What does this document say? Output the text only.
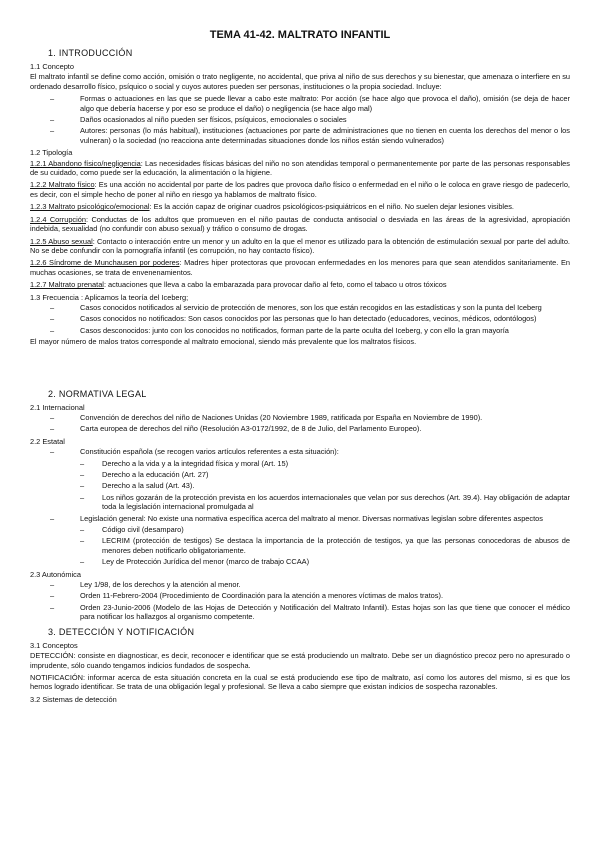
TEMA 41-42. MALTRATO INFANTIL
1. INTRODUCCIÓN
1.1 Concepto
El maltrato infantil se define como acción, omisión o trato negligente, no accidental, que priva al niño de sus derechos y su bienestar, que amenaza o interfiere en su ordenado desarrollo físico, psíquico o social y cuyos autores pueden ser personas, instituciones o la propia sociedad. Incluye:
– Formas o actuaciones en las que se puede llevar a cabo este maltrato: Por acción (se hace algo que provoca el daño), omisión (se deja de hacer algo que debería hacerse y por eso se produce el daño) o negligencia (se hace algo mal)
– Daños ocasionados al niño pueden ser físicos, psíquicos, emocionales o sociales
– Autores: personas (lo más habitual), instituciones (actuaciones por parte de administraciones que no tienen en cuenta los derechos del menor o los vulneran) o la sociedad (no reacciona ante determinadas situaciones donde los niños están siendo vulnerados)
1.2 Tipología
1.2.1 Abandono físico/negligencia: Las necesidades físicas básicas del niño no son atendidas temporal o permanentemente por parte de las personas responsables de su cuidado, como puede ser la educación, la alimentación o la higiene.
1.2.2 Maltrato físico: Es una acción no accidental por parte de los padres que provoca daño físico o enfermedad en el niño o le coloca en grave riesgo de padecerlo, es decir, con el simple hecho de poner al niño en riesgo ya hablamos de maltrato físico.
1.2.3 Maltrato psicológico/emocional: Es la acción capaz de originar cuadros psicológicos-psiquiátricos en el niño. No suelen dejar lesiones visibles.
1.2.4 Corrupción: Conductas de los adultos que promueven en el niño pautas de conducta antisocial o desviada en las áreas de la agresividad, apropiación indebida, sexualidad (no confundir con abuso sexual) y tráfico o consumo de drogas.
1.2.5 Abuso sexual: Contacto o interacción entre un menor y un adulto en la que el menor es utilizado para la obtención de estimulación sexual por parte del adulto. No se debe confundir con la pornografía infantil (es corrupción, no hay contacto físico).
1.2.6 Síndrome de Munchausen por poderes: Madres hiper protectoras que provocan enfermedades en los menores para que sean atendidos sanitariamente. En muchas ocasiones, se trata de envenenamientos.
1.2.7 Maltrato prenatal: actuaciones que lleva a cabo la embarazada para provocar daño al feto, como el tabaco u otros tóxicos
1.3 Frecuencia : Aplicamos la teoría del Iceberg;
– Casos conocidos notificados al servicio de protección de menores, son los que están recogidos en las estadísticas y son la punta del Iceberg
– Casos conocidos no notificados: Son casos conocidos por las personas que lo han detectado (educadores, vecinos, médicos, odontólogos)
– Casos desconocidos: junto con los conocidos no notificados, forman parte de la parte oculta del Iceberg, y con ello la gran mayoría
El mayor número de malos tratos corresponde al maltrato emocional, siendo más prevalente que los maltratos físicos.
2. NORMATIVA LEGAL
2.1 Internacional
– Convención de derechos del niño de Naciones Unidas (20 Noviembre 1989, ratificada por España en Noviembre de 1990).
– Carta europea de derechos del niño (Resolución A3-0172/1992, de 8 de Julio, del Parlamento Europeo).
2.2 Estatal
– Constitución española (se recogen varios artículos referentes a esta situación):
– Derecho a la vida y a la integridad física y moral (Art. 15)
– Derecho a la educación (Art. 27)
– Derecho a la salud (Art. 43).
– Los niños gozarán de la protección prevista en los acuerdos internacionales que velan por sus derechos (Art. 39.4). Hay obligación de adaptar toda la legislación internacional promulgada al
– Legislación general: No existe una normativa específica acerca del maltrato al menor. Diversas normativas legislan sobre diferentes aspectos
– Código civil (desamparo)
– LECRIM (protección de testigos) Se destaca la importancia de la protección de testigos, ya que las personas conocedoras de abusos de menores deben notificarlo obligatoriamente.
– Ley de Protección Jurídica del menor (marco de trabajo CCAA)
2.3 Autonómica
– Ley 1/98, de los derechos y la atención al menor.
– Orden 11-Febrero-2004 (Procedimiento de Coordinación para la atención a menores víctimas de malos tratos).
– Orden 23-Junio-2006 (Modelo de las Hojas de Detección y Notificación del Maltrato Infantil). Estas hojas son las que tiene que conocer el médico para notificar los hallazgos al organismo competente.
3. DETECCIÓN Y NOTIFICACIÓN
3.1 Conceptos
DETECCIÓN: consiste en diagnosticar, es decir, reconocer e identificar que se está produciendo un maltrato. Debe ser un diagnóstico precoz pero no apresurado o imprudente, sólo cuando tengamos indicios fundados de sospecha.
NOTIFICACIÓN: informar acerca de esta situación concreta en la cual se está produciendo ese tipo de maltrato, así como los autores del mismo, si es que los hemos logrado identificar. Se trata de una obligación legal y profesional. Se lleva a cabo siempre que existan indicios de sospecha razonables.
3.2 Sistemas de detección
